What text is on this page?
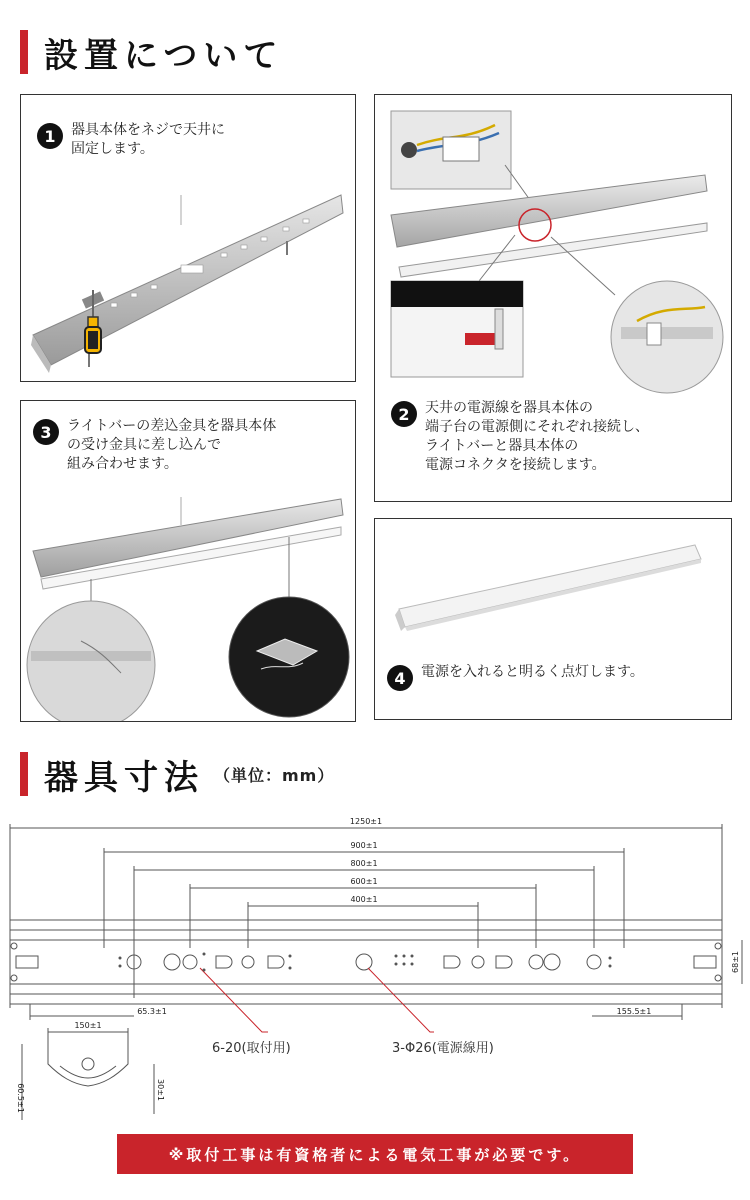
設置について
1	器具本体をネジで天井に
固定します。
2	天井の電源線を器具本体の
端子台の電源側にそれぞれ接続し、
ライトバーと器具本体の
電源コネクタを接続します。
3	ライトバーの差込金具を器具本体
の受け金具に差し込んで
組み合わせます。
4	電源を入れると明るく点灯します。
器具寸法 （単位：mm）
1250±1
900±1
800±1
600±1
400±1
65.3±1	155.5±1
68±1
6-20(取付用)	3-Φ26(電源線用)
150±1
60.5±1	30±1
※取付工事は有資格者による電気工事が必要です。
